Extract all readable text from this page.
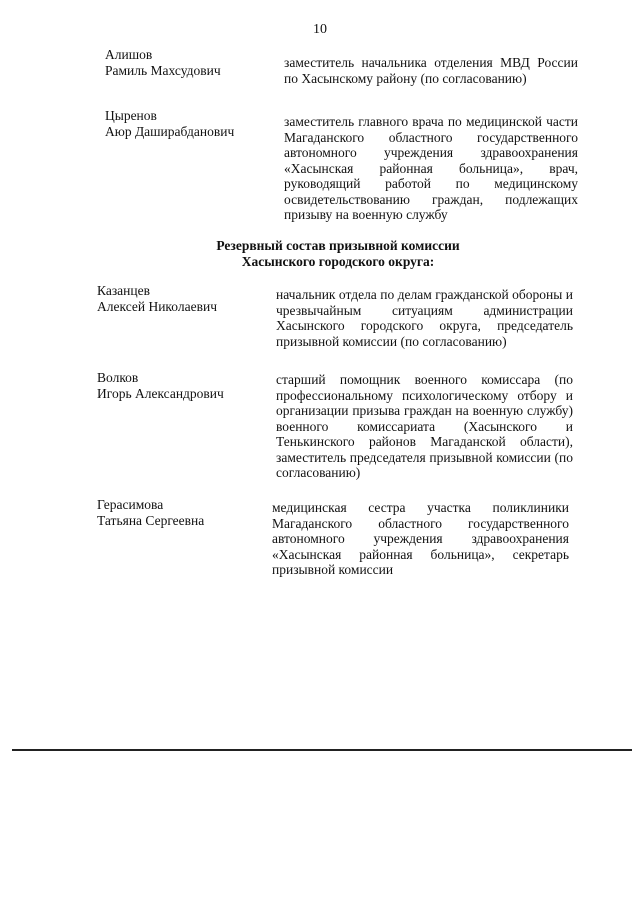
10
Алишов
Рамиль Махсудович	заместитель начальника отделения МВД России по Хасынскому району (по согласованию)
Цыренов
Аюр Даширабданович
заместитель главного врача по медицинской части Магаданского областного государственного автономного учреждения здравоохранения «Хасынская районная больница», врач, руководящий работой по медицинскому освидетельствованию граждан, подлежащих призыву на военную службу
Резервный состав призывной комиссии
Хасынского городского округа:
Казанцев
Алексей Николаевич
начальник отдела по делам гражданской обороны и чрезвычайным ситуациям администрации Хасынского городского округа, председатель призывной комиссии (по согласованию)
Волков
Игорь Александрович
старший помощник военного комиссара (по профессиональному психологическому отбору и организации призыва граждан на военную службу) военного комиссариата (Хасынского и Тенькинского районов Магаданской области), заместитель председателя призывной комиссии (по согласованию)
Герасимова
Татьяна Сергеевна
медицинская сестра участка поликлиники Магаданского областного государственного автономного учреждения здравоохранения «Хасынская районная больница», секретарь призывной комиссии
